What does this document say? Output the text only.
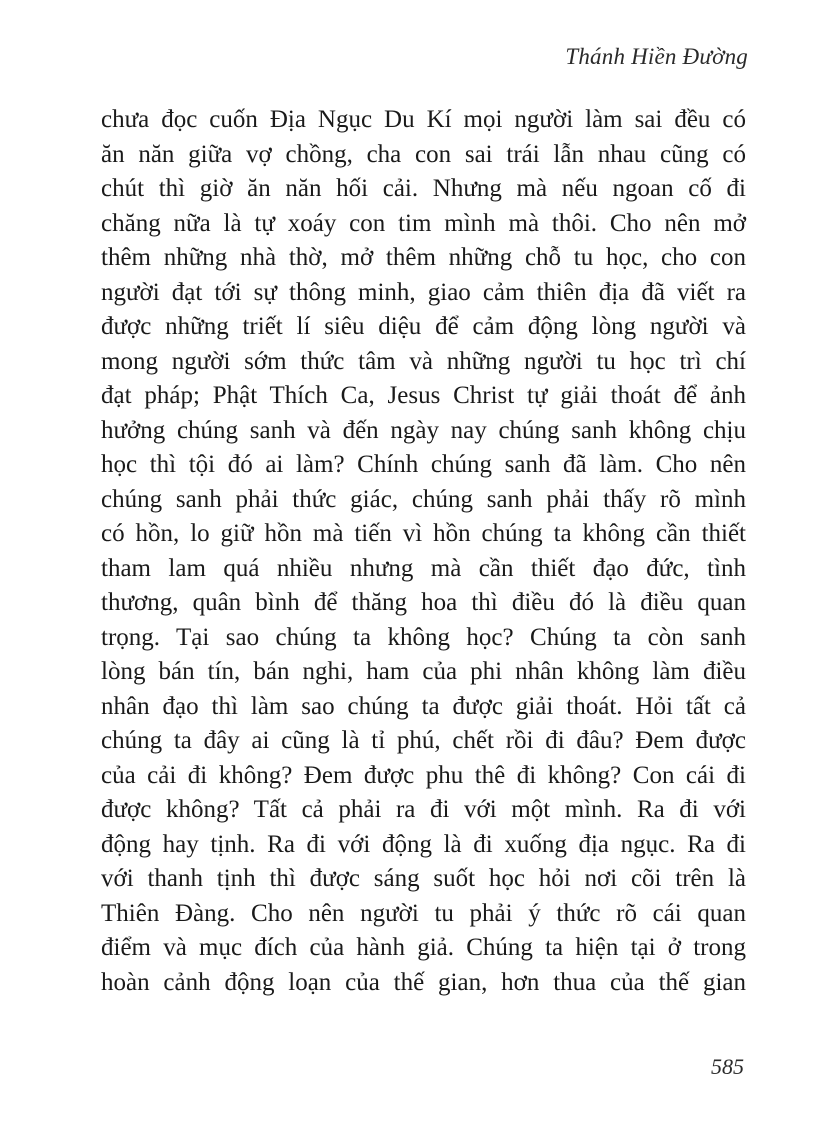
Thánh Hiền Đường
chưa đọc cuốn Địa Ngục Du Kí mọi người làm sai đều có
ăn năn giữa vợ chồng, cha con sai trái lẫn nhau cũng có
chút thì giờ ăn năn hối cải. Nhưng mà nếu ngoan cố đi
chăng nữa là tự xoáy con tim mình mà thôi. Cho nên mở
thêm những nhà thờ, mở thêm những chỗ tu học, cho con
người đạt tới sự thông minh, giao cảm thiên địa đã viết ra
được những triết lí siêu diệu để cảm động lòng người và
mong người sớm thức tâm và những người tu học trì chí
đạt pháp; Phật Thích Ca, Jesus Christ tự giải thoát để ảnh
hưởng chúng sanh và đến ngày nay chúng sanh không chịu
học thì tội đó ai làm? Chính chúng sanh đã làm. Cho nên
chúng sanh phải thức giác, chúng sanh phải thấy rõ mình
có hồn, lo giữ hồn mà tiến vì hồn chúng ta không cần thiết
tham lam quá nhiều nhưng mà cần thiết đạo đức, tình
thương, quân bình để thăng hoa thì điều đó là điều quan
trọng. Tại sao chúng ta không học? Chúng ta còn sanh
lòng bán tín, bán nghi, ham của phi nhân không làm điều
nhân đạo thì làm sao chúng ta được giải thoát. Hỏi tất cả
chúng ta đây ai cũng là tỉ phú, chết rồi đi đâu? Đem được
của cải đi không? Đem được phu thê đi không? Con cái đi
được không? Tất cả phải ra đi với một mình. Ra đi với
động hay tịnh. Ra đi với động là đi xuống địa ngục. Ra đi
với thanh tịnh thì được sáng suốt học hỏi nơi cõi trên là
Thiên Đàng. Cho nên người tu phải ý thức rõ cái quan
điểm và mục đích của hành giả. Chúng ta hiện tại ở trong
hoàn cảnh động loạn của thế gian, hơn thua của thế gian
585
